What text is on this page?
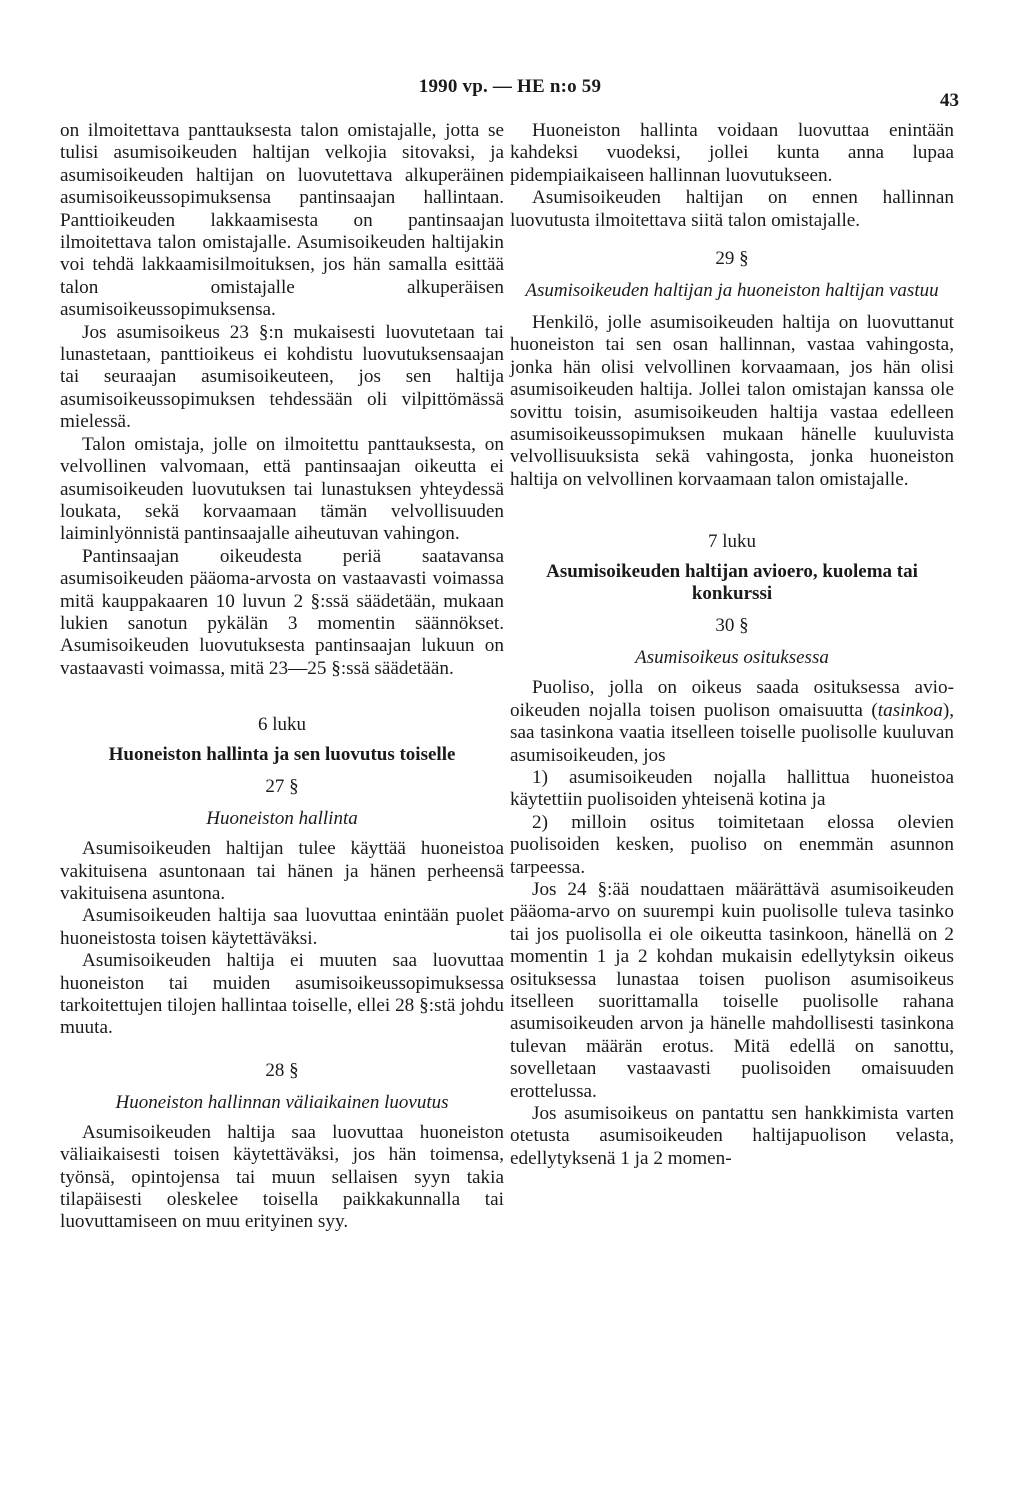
1990 vp. — HE n:o 59
43

on ilmoitettava panttauksesta talon omistajalle, jotta se tulisi asumisoikeuden haltijan velkojia sitovaksi, ja asumisoikeuden haltijan on luovutettava alkuperäinen asumisoikeussopimuksensa pantinsaajan hallintaan. Panttioikeuden lakkaamisesta on pantinsaajan ilmoitettava talon omistajalle. Asumisoikeuden haltijakin voi tehdä lakkaamisilmoituksen, jos hän samalla esittää talon omistajalle alkuperäisen asumisoikeussopimuksensa.

Jos asumisoikeus 23 §:n mukaisesti luovutetaan tai lunastetaan, panttioikeus ei kohdistu luovutuksensaajan tai seuraajan asumisoikeuteen, jos sen haltija asumisoikeussopimuksen tehdessään oli vilpittömässä mielessä.

Talon omistaja, jolle on ilmoitettu panttauksesta, on velvollinen valvomaan, että pantinsaajan oikeutta ei asumisoikeuden luovutuksen tai lunastuksen yhteydessä loukata, sekä korvaamaan tämän velvollisuuden laiminlyönnistä pantinsaajalle aiheutuvan vahingon.

Pantinsaajan oikeudesta periä saatavansa asumisoikeuden pääoma-arvosta on vastaavasti voimassa mitä kauppakaaren 10 luvun 2 §:ssä säädetään, mukaan lukien sanotun pykälän 3 momentin säännökset. Asumisoikeuden luovutuksesta pantinsaajan lukuun on vastaavasti voimassa, mitä 23—25 §:ssä säädetään.

6 luku
Huoneiston hallinta ja sen luovutus toiselle
27 §
Huoneiston hallinta

Asumisoikeuden haltijan tulee käyttää huoneistoa vakituisena asuntonaan tai hänen ja hänen perheensä vakituisena asuntona.

Asumisoikeuden haltija saa luovuttaa enintään puolet huoneistosta toisen käytettäväksi.

Asumisoikeuden haltija ei muuten saa luovuttaa huoneiston tai muiden asumisoikeussopimuksessa tarkoitettujen tilojen hallintaa toiselle, ellei 28 §:stä johdu muuta.

28 §
Huoneiston hallinnan väliaikainen luovutus

Asumisoikeuden haltija saa luovuttaa huoneiston väliaikaisesti toisen käytettäväksi, jos hän toimensa, työnsä, opintojensa tai muun sellaisen syyn takia tilapäisesti oleskelee toisella paikkakunnalla tai luovuttamiseen on muu erityinen syy.

Huoneiston hallinta voidaan luovuttaa enintään kahdeksi vuodeksi, jollei kunta anna lupaa pidempiaikaiseen hallinnan luovutukseen.

Asumisoikeuden haltijan on ennen hallinnan luovutusta ilmoitettava siitä talon omistajalle.

29 §
Asumisoikeuden haltijan ja huoneiston haltijan vastuu

Henkilö, jolle asumisoikeuden haltija on luovuttanut huoneiston tai sen osan hallinnan, vastaa vahingosta, jonka hän olisi velvollinen korvaamaan, jos hän olisi asumisoikeuden haltija. Jollei talon omistajan kanssa ole sovittu toisin, asumisoikeuden haltija vastaa edelleen asumisoikeussopimuksen mukaan hänelle kuuluvista velvollisuuksista sekä vahingosta, jonka huoneiston haltija on velvollinen korvaamaan talon omistajalle.

7 luku
Asumisoikeuden haltijan avioero, kuolema tai konkurssi
30 §
Asumisoikeus osituksessa

Puoliso, jolla on oikeus saada osituksessa avio-oikeuden nojalla toisen puolison omaisuutta (tasinkoa), saa tasinkona vaatia itselleen toiselle puolisolle kuuluvan asumisoikeuden, jos

1) asumisoikeuden nojalla hallittua huoneistoa käytettiin puolisoiden yhteisenä kotina ja

2) milloin ositus toimitetaan elossa olevien puolisoiden kesken, puoliso on enemmän asunnon tarpeessa.

Jos 24 §:ää noudattaen määrättävä asumisoikeuden pääoma-arvo on suurempi kuin puolisolle tuleva tasinko tai jos puolisolla ei ole oikeutta tasinkoon, hänellä on 2 momentin 1 ja 2 kohdan mukaisin edellytyksin oikeus osituksessa lunastaa toisen puolison asumisoikeus itselleen suorittamalla toiselle puolisolle rahana asumisoikeuden arvon ja hänelle mahdollisesti tasinkona tulevan määrän erotus. Mitä edellä on sanottu, sovelletaan vastaavasti puolisoiden omaisuuden erottelussa.

Jos asumisoikeus on pantattu sen hankkimista varten otetusta asumisoikeuden haltijapuolison velasta, edellytyksenä 1 ja 2 momen-
